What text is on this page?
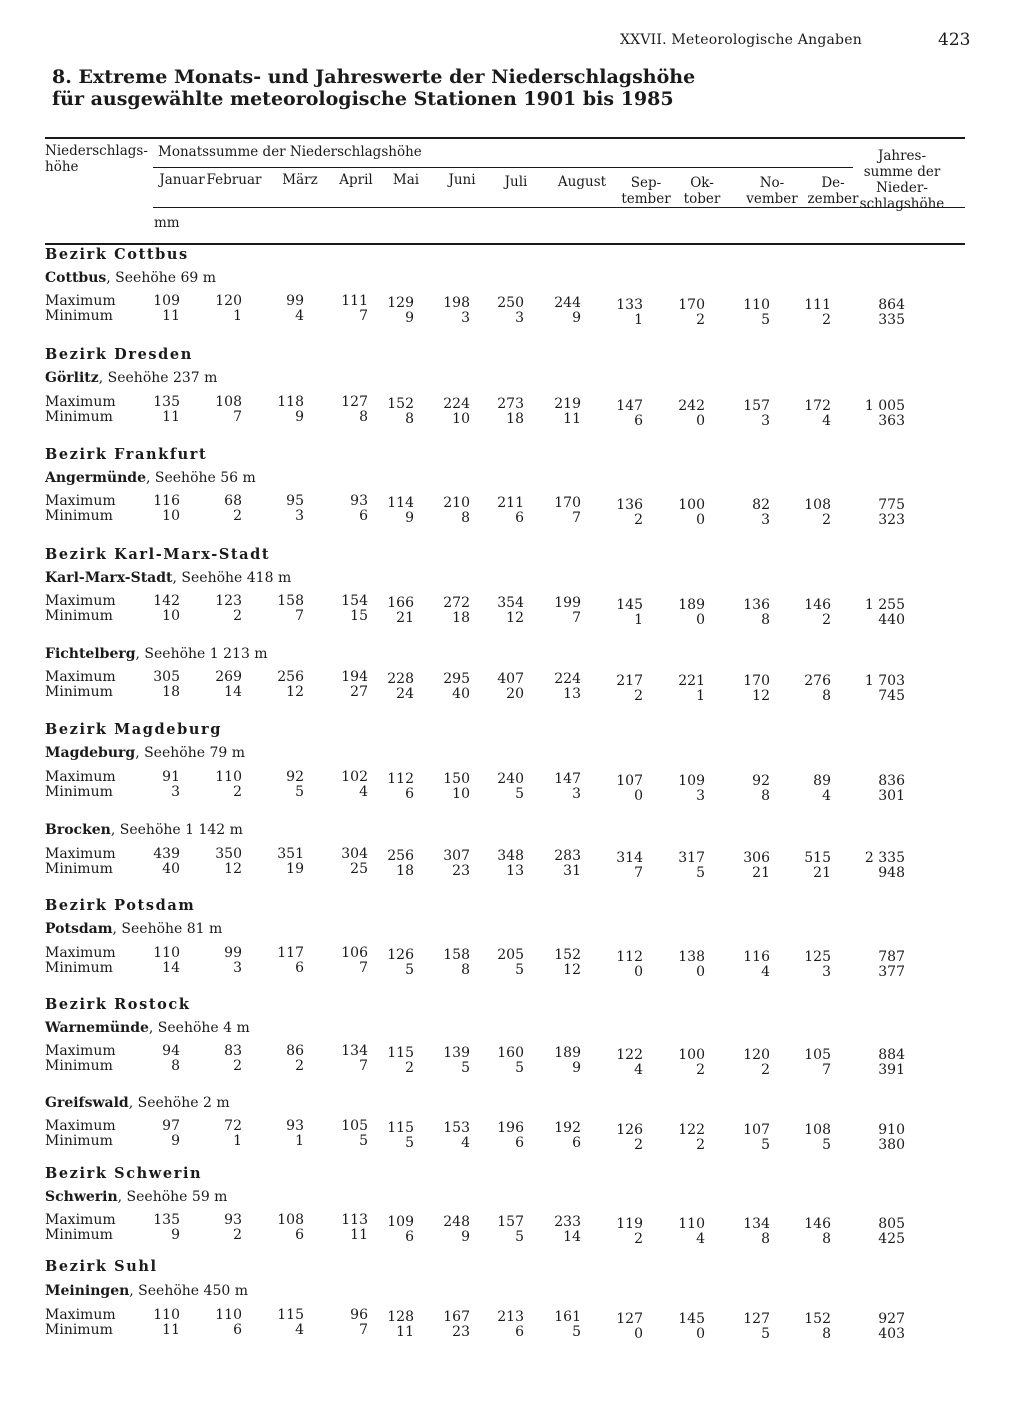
XXVII. Meteorologische Angaben	423
8. Extreme Monats- und Jahreswerte der Niederschlagshöhe
für ausgewählte meteorologische Stationen 1901 bis 1985
Niederschlags-
höhe
Monatssumme der Niederschlagshöhe	Jahres-
summe der
Nieder-
schlagshöhe
mm
Januar Februar	März	April	Mai	Juni	Juli	August	Sep-
tember
Ok-
tober
No-
vember
De-
zember
Bezirk Cottbus
Cottbus, Seehöhe 69 m
Maximum
Minimum
109	120	99	111	129	198	250	244	133	170	110	111	864
11	1	4	7	9	3	3	9	1	2	5	2	335
Bezirk Dresden
Görlitz, Seehöhe 237 m
Maximum
Minimum
135	108	118	127	152	224	273	219	147	242	157	172	1 005
11	7	9	8	8	10	18	11	6	0	3	4	363
Bezirk Frankfurt
Angermünde, Seehöhe 56 m
Maximum
Minimum
116	68	95	93	114	210	211	170	136	100	82	108	775
10	2	3	6	9	8	6	7	2	0	3	2	323
Bezirk Karl-Marx-Stadt
Karl-Marx-Stadt, Seehöhe 418 m
Maximum
Minimum
142	123	158	154	166	272	354	199	145	189	136	146	1 255
10	2	7	15	21	18	12	7	1	0	8	2	440
Fichtelberg, Seehöhe 1 213 m
Maximum
Minimum
305	269	256	194	228	295	407	224	217	221	170	276	1 703
18	14	12	27	24	40	20	13	2	1	12	8	745
Bezirk Magdeburg
Magdeburg, Seehöhe 79 m
Maximum
Minimum
91	110	92	102	112	150	240	147	107	109	92	89	836
3	2	5	4	6	10	5	3	0	3	8	4	301
Brocken, Seehöhe 1 142 m
Maximum
Minimum
439	350	351	304	256	307	348	283	314	317	306	515	2 335
40	12	19	25	18	23	13	31	7	5	21	21	948
Bezirk Potsdam
Potsdam, Seehöhe 81 m
Maximum
Minimum
110	99	117	106	126	158	205	152	112	138	116	125	787
14	3	6	7	5	8	5	12	0	0	4	3	377
Bezirk Rostock
Warnemünde, Seehöhe 4 m
Maximum
Minimum
94	83	86	134	115	139	160	189	122	100	120	105	884
8	2	2	7	2	5	5	9	4	2	2	7	391
Greifswald, Seehöhe 2 m
Maximum
Minimum
97	72	93	105	115	153	196	192	126	122	107	108	910
9	1	1	5	5	4	6	6	2	2	5	5	380
Bezirk Schwerin
Schwerin, Seehöhe 59 m
Maximum
Minimum
135	93	108	113	109	248	157	233	119	110	134	146	805
9	2	6	11	6	9	5	14	2	4	8	8	425
Bezirk Suhl
Meiningen, Seehöhe 450 m
Maximum
Minimum
110	110	115	96	128	167	213	161	127	145	127	152	927
11	6	4	7	11	23	6	5	0	0	5	8	403
